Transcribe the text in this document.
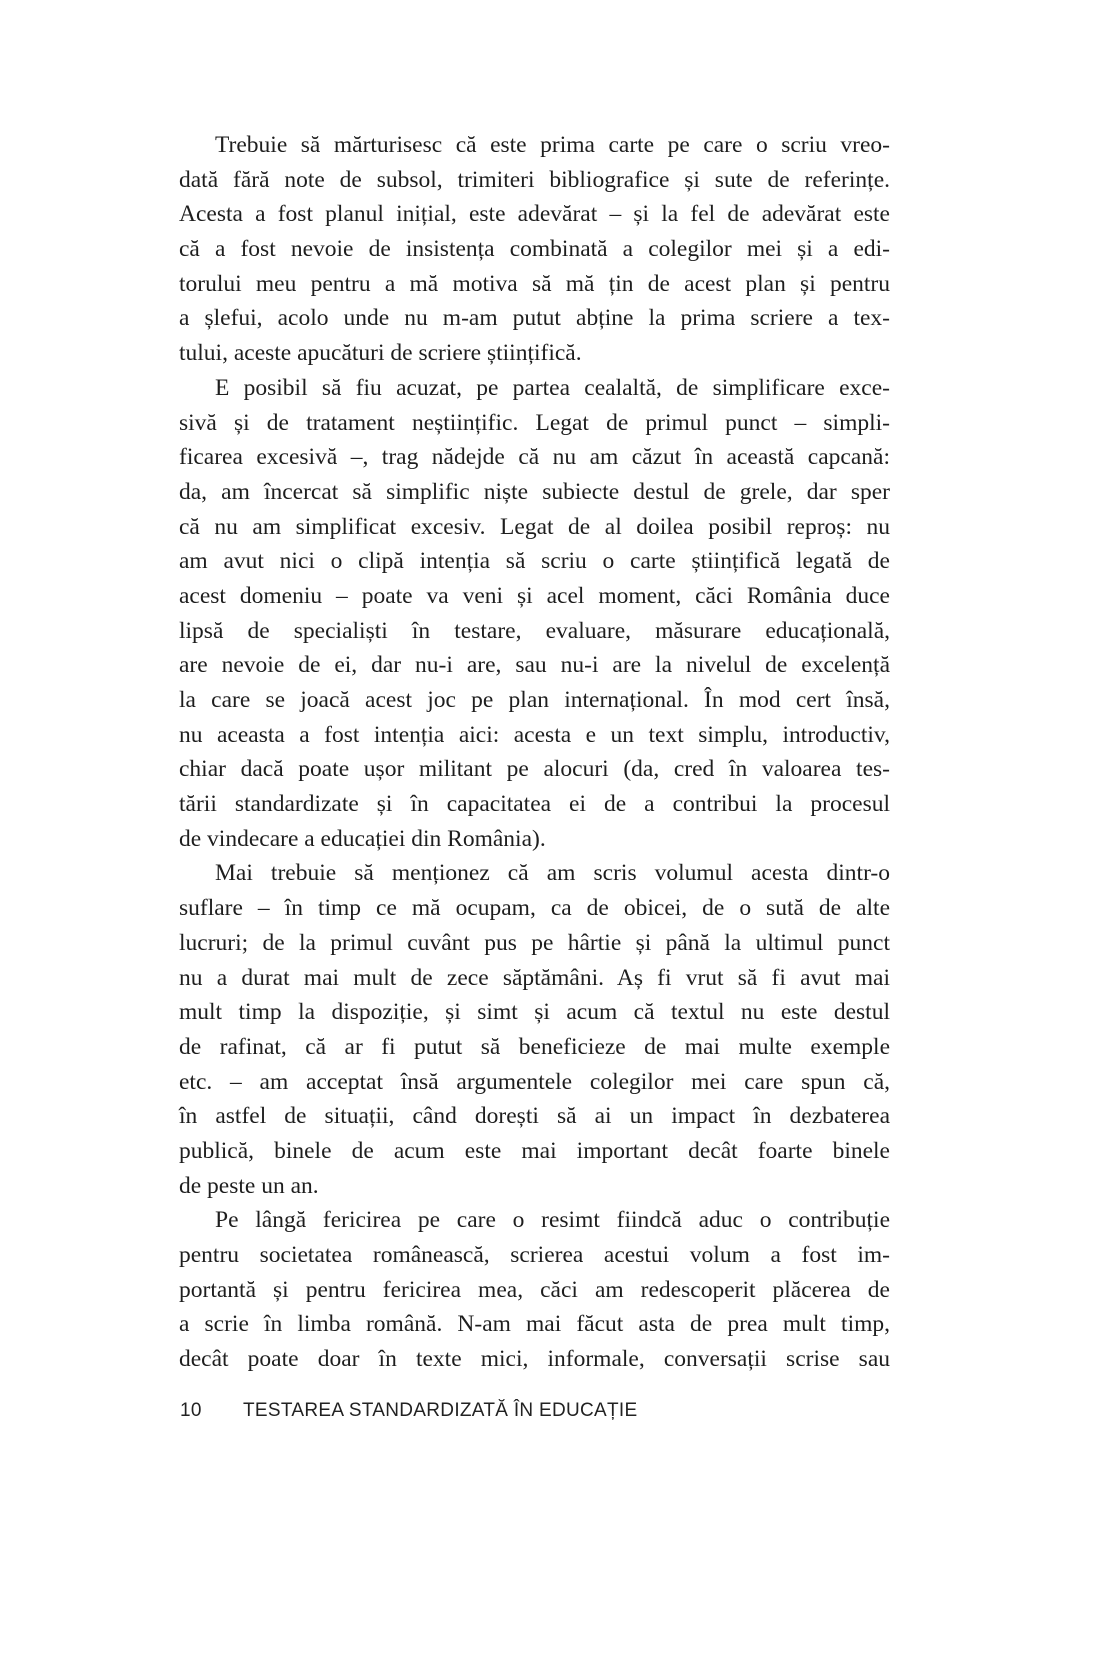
Trebuie să mărturisesc că este prima carte pe care o scriu vreo-
dată fără note de subsol, trimiteri bibliografice și sute de referințe.
Acesta a fost planul inițial, este adevărat – și la fel de adevărat este
că a fost nevoie de insistența combinată a colegilor mei și a edi-
torului meu pentru a mă motiva să mă țin de acest plan și pentru
a șlefui, acolo unde nu m-am putut abține la prima scriere a tex-
tului, aceste apucături de scriere științifică.
E posibil să fiu acuzat, pe partea cealaltă, de simplificare exce-
sivă și de tratament neștiințific. Legat de primul punct – simpli-
ficarea excesivă –, trag nădejde că nu am căzut în această capcană:
da, am încercat să simplific niște subiecte destul de grele, dar sper
că nu am simplificat excesiv. Legat de al doilea posibil reproș: nu
am avut nici o clipă intenția să scriu o carte științifică legată de
acest domeniu – poate va veni și acel moment, căci România duce
lipsă de specialiști în testare, evaluare, măsurare educațională,
are nevoie de ei, dar nu-i are, sau nu-i are la nivelul de excelență
la care se joacă acest joc pe plan internațional. În mod cert însă,
nu aceasta a fost intenția aici: acesta e un text simplu, introductiv,
chiar dacă poate ușor militant pe alocuri (da, cred în valoarea tes-
tării standardizate și în capacitatea ei de a contribui la procesul
de vindecare a educației din România).
Mai trebuie să menționez că am scris volumul acesta dintr-o
suflare – în timp ce mă ocupam, ca de obicei, de o sută de alte
lucruri; de la primul cuvânt pus pe hârtie și până la ultimul punct
nu a durat mai mult de zece săptămâni. Aș fi vrut să fi avut mai
mult timp la dispoziție, și simt și acum că textul nu este destul
de rafinat, că ar fi putut să beneficieze de mai multe exemple
etc. – am acceptat însă argumentele colegilor mei care spun că,
în astfel de situații, când dorești să ai un impact în dezbaterea
publică, binele de acum este mai important decât foarte binele
de peste un an.
Pe lângă fericirea pe care o resimt fiindcă aduc o contribuție
pentru societatea românească, scrierea acestui volum a fost im-
portantă și pentru fericirea mea, căci am redescoperit plăcerea de
a scrie în limba română. N-am mai făcut asta de prea mult timp,
decât poate doar în texte mici, informale, conversații scrise sau
10 TESTAREA STANDARDIZATĂ ÎN EDUCAȚIE
